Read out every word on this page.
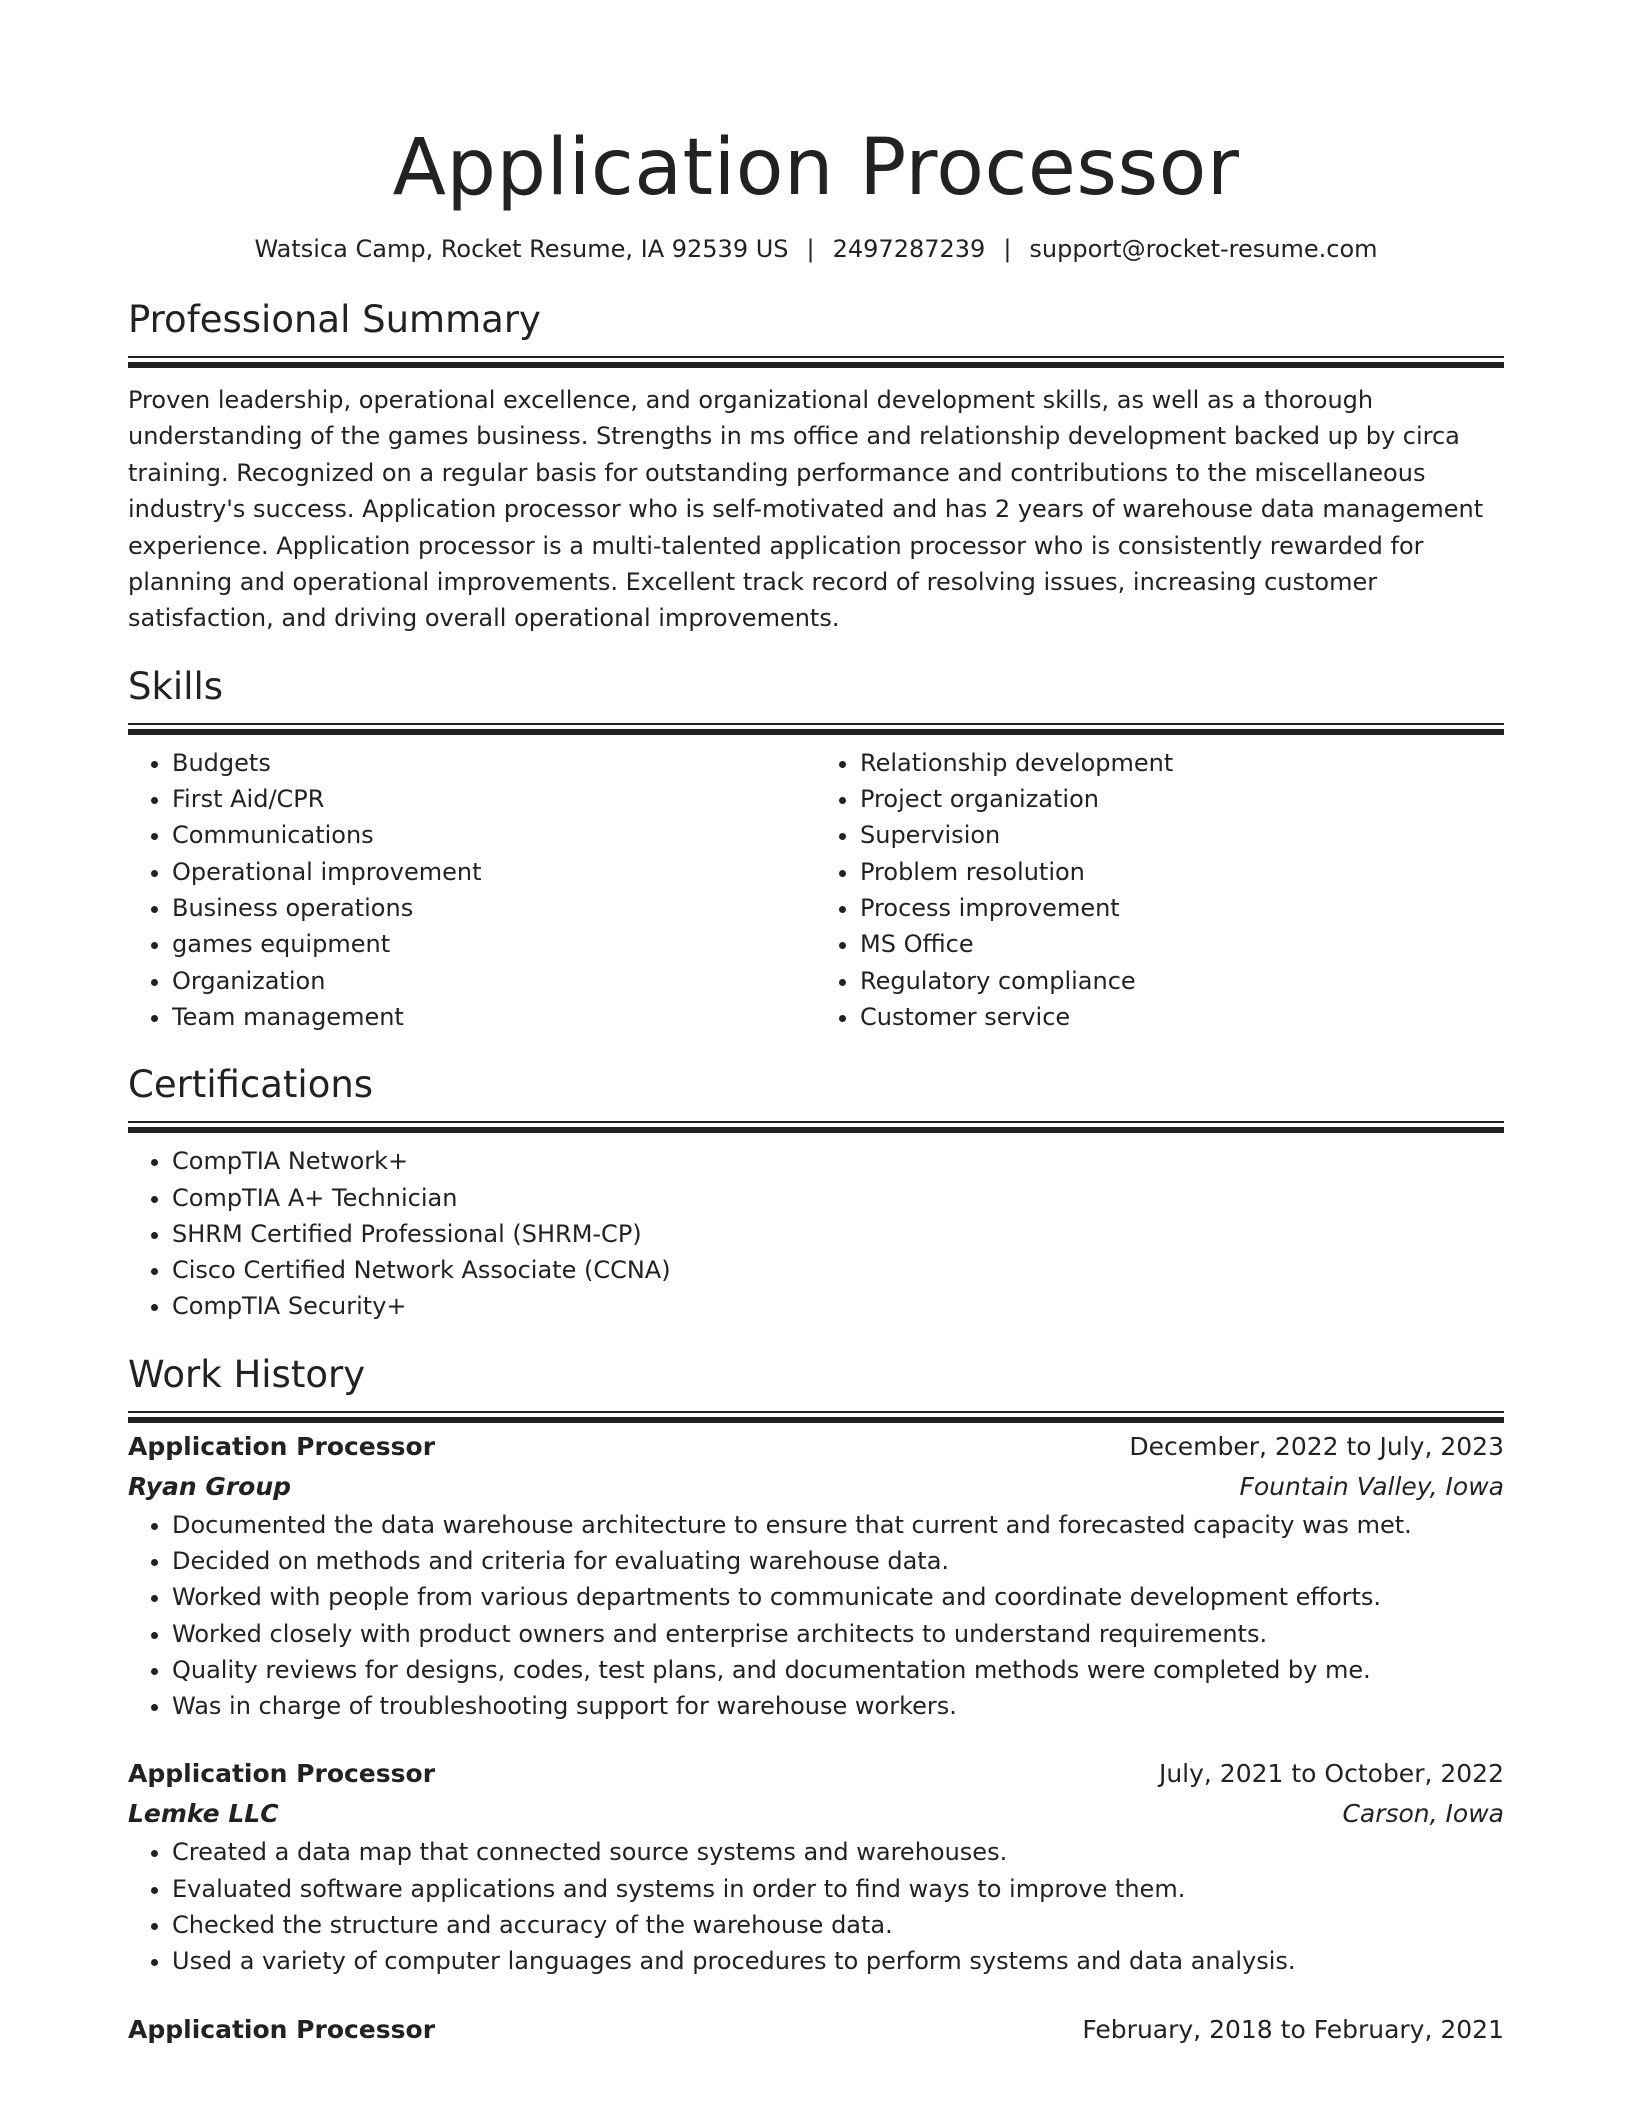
Application Processor
Watsica Camp, Rocket Resume, IA 92539 US | 2497287239 | support@rocket-resume.com
Professional Summary

Proven leadership, operational excellence, and organizational development skills, as well as a thorough understanding of the games business. Strengths in ms office and relationship development backed up by circa training. Recognized on a regular basis for outstanding performance and contributions to the miscellaneous industry's success. Application processor who is self-motivated and has 2 years of warehouse data management experience. Application processor is a multi-talented application processor who is consistently rewarded for planning and operational improvements. Excellent track record of resolving issues, increasing customer satisfaction, and driving overall operational improvements.

Skills
• Budgets
• First Aid/CPR
• Communications
• Operational improvement
• Business operations
• games equipment
• Organization
• Team management
• Relationship development
• Project organization
• Supervision
• Problem resolution
• Process improvement
• MS Office
• Regulatory compliance
• Customer service
Certifications
• CompTIA Network+
• CompTIA A+ Technician
• SHRM Certified Professional (SHRM-CP)
• Cisco Certified Network Associate (CCNA)
• CompTIA Security+
Work History
Application Processor	December, 2022 to July, 2023
Ryan Group	Fountain Valley, Iowa
• Documented the data warehouse architecture to ensure that current and forecasted capacity was met.
• Decided on methods and criteria for evaluating warehouse data.
• Worked with people from various departments to communicate and coordinate development efforts.
• Worked closely with product owners and enterprise architects to understand requirements.
• Quality reviews for designs, codes, test plans, and documentation methods were completed by me.
• Was in charge of troubleshooting support for warehouse workers.
Application Processor	July, 2021 to October, 2022
Lemke LLC	Carson, Iowa
• Created a data map that connected source systems and warehouses.
• Evaluated software applications and systems in order to find ways to improve them.
• Checked the structure and accuracy of the warehouse data.
• Used a variety of computer languages and procedures to perform systems and data analysis.
Application Processor	February, 2018 to February, 2021
